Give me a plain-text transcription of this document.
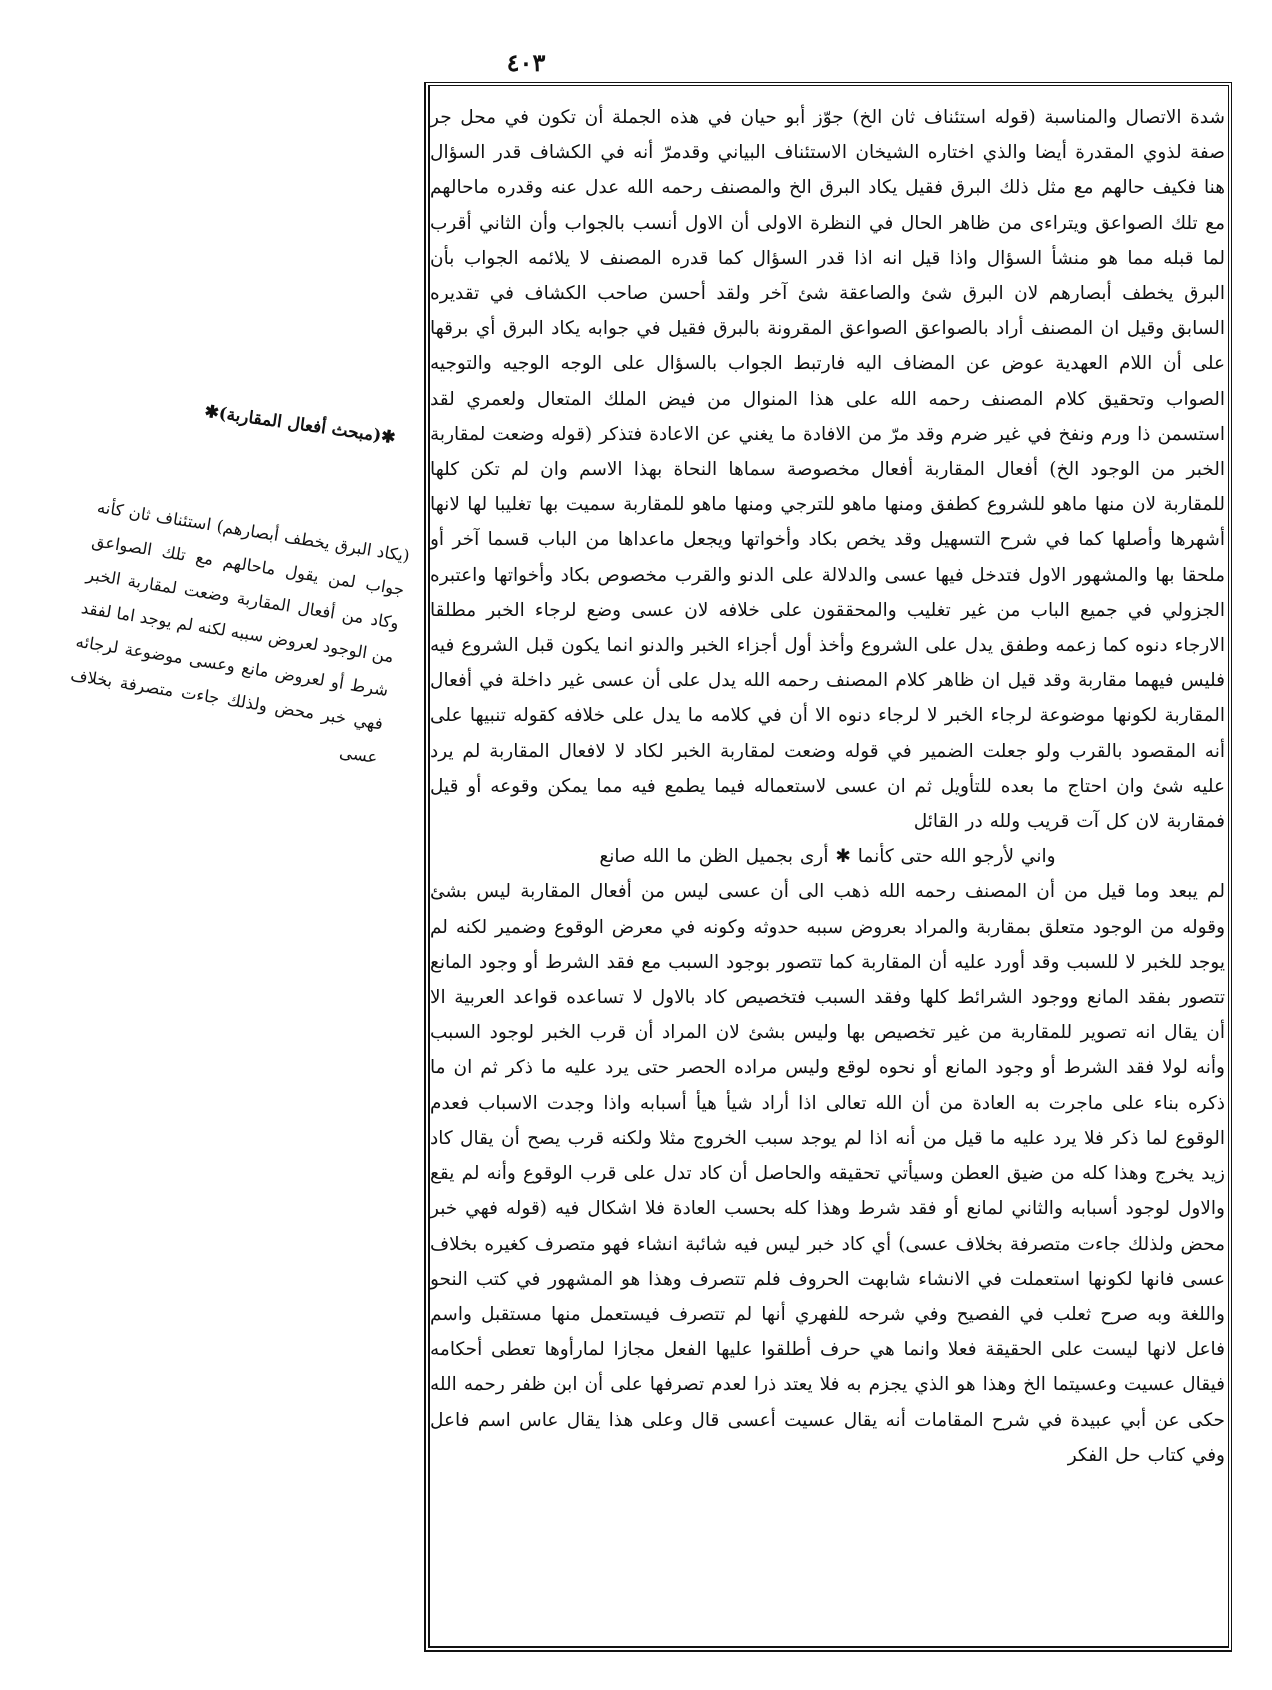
٤٠٣

شدة الاتصال والمناسبة (قوله استئناف ثان الخ) جوّز أبو حيان في هذه الجملة أن تكون في محل جر صفة لذوي المقدرة أيضا والذي اختاره الشيخان الاستئناف البياني وقدمرّ أنه في الكشاف قدر السؤال هنا فكيف حالهم مع مثل ذلك البرق فقيل يكاد البرق الخ والمصنف رحمه الله عدل عنه وقدره ماحالهم مع تلك الصواعق ويتراءى من ظاهر الحال في النظرة الاولى أن الاول أنسب بالجواب وأن الثاني أقرب لما قبله مما هو منشأ السؤال واذا قيل انه اذا قدر السؤال كما قدره المصنف لا يلائمه الجواب بأن البرق يخطف أبصارهم لان البرق شئ والصاعقة شئ آخر ولقد أحسن صاحب الكشاف في تقديره السابق وقيل ان المصنف أراد بالصواعق الصواعق المقرونة بالبرق فقيل في جوابه يكاد البرق أي برقها على أن اللام العهدية عوض عن المضاف اليه فارتبط الجواب بالسؤال على الوجه الوجيه والتوجيه الصواب وتحقيق كلام المصنف رحمه الله على هذا المنوال من فيض الملك المتعال ولعمري لقد استسمن ذا ورم ونفخ في غير ضرم وقد مرّ من الافادة ما يغني عن الاعادة فتذكر (قوله وضعت لمقاربة الخبر من الوجود الخ) أفعال المقاربة أفعال مخصوصة سماها النحاة بهذا الاسم وان لم تكن كلها للمقاربة لان منها ماهو للشروع كطفق ومنها ماهو للترجي ومنها ماهو للمقاربة سميت بها تغليبا لها لانها أشهرها وأصلها كما في شرح التسهيل وقد يخص بكاد وأخواتها ويجعل ماعداها من الباب قسما آخر أو ملحقا بها والمشهور الاول فتدخل فيها عسى والدلالة على الدنو والقرب مخصوص بكاد وأخواتها واعتبره الجزولي في جميع الباب من غير تغليب والمحققون على خلافه لان عسى وضع لرجاء الخبر مطلقا الارجاء دنوه كما زعمه وطفق يدل على الشروع وأخذ أول أجزاء الخبر والدنو انما يكون قبل الشروع فيه فليس فيهما مقاربة وقد قيل ان ظاهر كلام المصنف رحمه الله يدل على أن عسى غير داخلة في أفعال المقاربة لكونها موضوعة لرجاء الخبر لا لرجاء دنوه الا أن في كلامه ما يدل على خلافه كقوله تنبيها على أنه المقصود بالقرب ولو جعلت الضمير في قوله وضعت لمقاربة الخبر لكاد لا لافعال المقاربة لم يرد عليه شئ وان احتاج ما بعده للتأويل ثم ان عسى لاستعماله فيما يطمع فيه مما يمكن وقوعه أو قيل فمقاربة لان كل آت قريب ولله در القائل

واني لأرجو الله حتى كأنما ✱ أرى بجميل الظن ما الله صانع

لم يبعد وما قيل من أن المصنف رحمه الله ذهب الى أن عسى ليس من أفعال المقاربة ليس بشئ وقوله من الوجود متعلق بمقاربة والمراد بعروض سببه حدوثه وكونه في معرض الوقوع وضمير لكنه لم يوجد للخبر لا للسبب وقد أورد عليه أن المقاربة كما تتصور بوجود السبب مع فقد الشرط أو وجود المانع تتصور بفقد المانع ووجود الشرائط كلها وفقد السبب فتخصيص كاد بالاول لا تساعده قواعد العربية الا أن يقال انه تصوير للمقاربة من غير تخصيص بها وليس بشئ لان المراد أن قرب الخبر لوجود السبب وأنه لولا فقد الشرط أو وجود المانع أو نحوه لوقع وليس مراده الحصر حتى يرد عليه ما ذكر ثم ان ما ذكره بناء على ماجرت به العادة من أن الله تعالى اذا أراد شيأ هيأ أسبابه واذا وجدت الاسباب فعدم الوقوع لما ذكر فلا يرد عليه ما قيل من أنه اذا لم يوجد سبب الخروج مثلا ولكنه قرب يصح أن يقال كاد زيد يخرج وهذا كله من ضيق العطن وسيأتي تحقيقه والحاصل أن كاد تدل على قرب الوقوع وأنه لم يقع والاول لوجود أسبابه والثاني لمانع أو فقد شرط وهذا كله بحسب العادة فلا اشكال فيه (قوله فهي خبر محض ولذلك جاءت متصرفة بخلاف عسى) أي كاد خبر ليس فيه شائبة انشاء فهو متصرف كغيره بخلاف عسى فانها لكونها استعملت في الانشاء شابهت الحروف فلم تتصرف وهذا هو المشهور في كتب النحو واللغة وبه صرح ثعلب في الفصيح وفي شرحه للفهري أنها لم تتصرف فيستعمل منها مستقبل واسم فاعل لانها ليست على الحقيقة فعلا وانما هي حرف أطلقوا عليها الفعل مجازا لمارأوها تعطى أحكامه فيقال عسيت وعسيتما الخ وهذا هو الذي يجزم به فلا يعتد ذرا لعدم تصرفها على أن ابن ظفر رحمه الله حكى عن أبي عبيدة في شرح المقامات أنه يقال عسيت أعسى قال وعلى هذا يقال عاس اسم فاعل وفي كتاب حل الفكر

✱(مبحث أفعال المقاربة)✱
(يكاد البرق يخطف أبصارهم) استئناف ثان كأنه جواب لمن يقول ماحالهم مع تلك الصواعق وكاد من أفعال المقاربة وضعت لمقاربة الخبر من الوجود لعروض سببه لكنه لم يوجد اما لفقد شرط أو لعروض مانع وعسى موضوعة لرجائه فهي خبر محض ولذلك جاءت متصرفة بخلاف عسى
